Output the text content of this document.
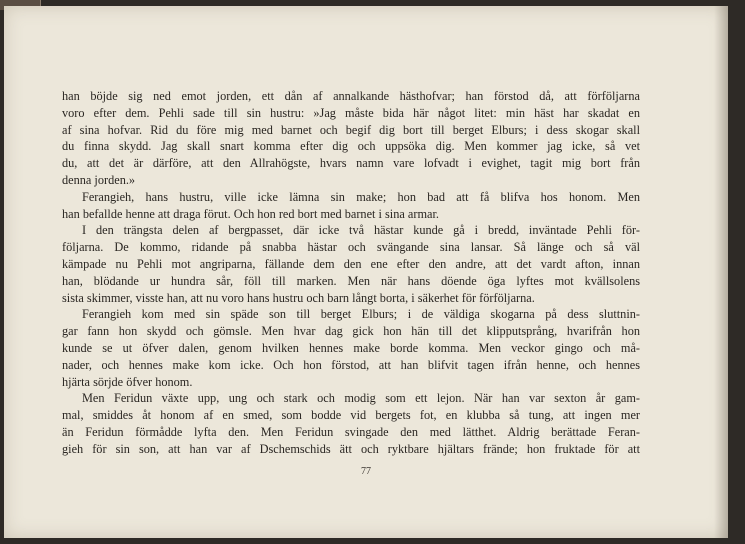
han böjde sig ned emot jorden, ett dån af annalkande hästhofvar; han förstod då, att förföljarna
voro efter dem. Pehli sade till sin hustru: »Jag måste bida här något litet: min häst har skadat en
af sina hofvar. Rid du före mig med barnet och begif dig bort till berget Elburs; i dess skogar skall
du finna skydd. Jag skall snart komma efter dig och uppsöka dig. Men kommer jag icke, så vet
du, att det är därföre, att den Allrahögste, hvars namn vare lofvadt i evighet, tagit mig bort från
denna jorden.»
Ferangieh, hans hustru, ville icke lämna sin make; hon bad att få blifva hos honom. Men
han befallde henne att draga förut. Och hon red bort med barnet i sina armar.
I den trängsta delen af bergpasset, där icke två hästar kunde gå i bredd, inväntade Pehli för-
följarna. De kommo, ridande på snabba hästar och svängande sina lansar. Så länge och så väl
kämpade nu Pehli mot angriparna, fällande dem den ene efter den andre, att det vardt afton, innan
han, blödande ur hundra sår, föll till marken. Men när hans döende öga lyftes mot kvällsolens
sista skimmer, visste han, att nu voro hans hustru och barn långt borta, i säkerhet för förföljarna.
Ferangieh kom med sin späde son till berget Elburs; i de väldiga skogarna på dess sluttnin-
gar fann hon skydd och gömsle. Men hvar dag gick hon hän till det klipputsprång, hvarifrån hon
kunde se ut öfver dalen, genom hvilken hennes make borde komma. Men veckor gingo och må-
nader, och hennes make kom icke. Och hon förstod, att han blifvit tagen ifrån henne, och hennes
hjärta sörjde öfver honom.
Men Feridun växte upp, ung och stark och modig som ett lejon. När han var sexton år gam-
mal, smiddes åt honom af en smed, som bodde vid bergets fot, en klubba så tung, att ingen mer
än Feridun förmådde lyfta den. Men Feridun svingade den med lätthet. Aldrig berättade Feran-
gieh för sin son, att han var af Dschemschids ätt och ryktbare hjältars frände; hon fruktade för att
77
